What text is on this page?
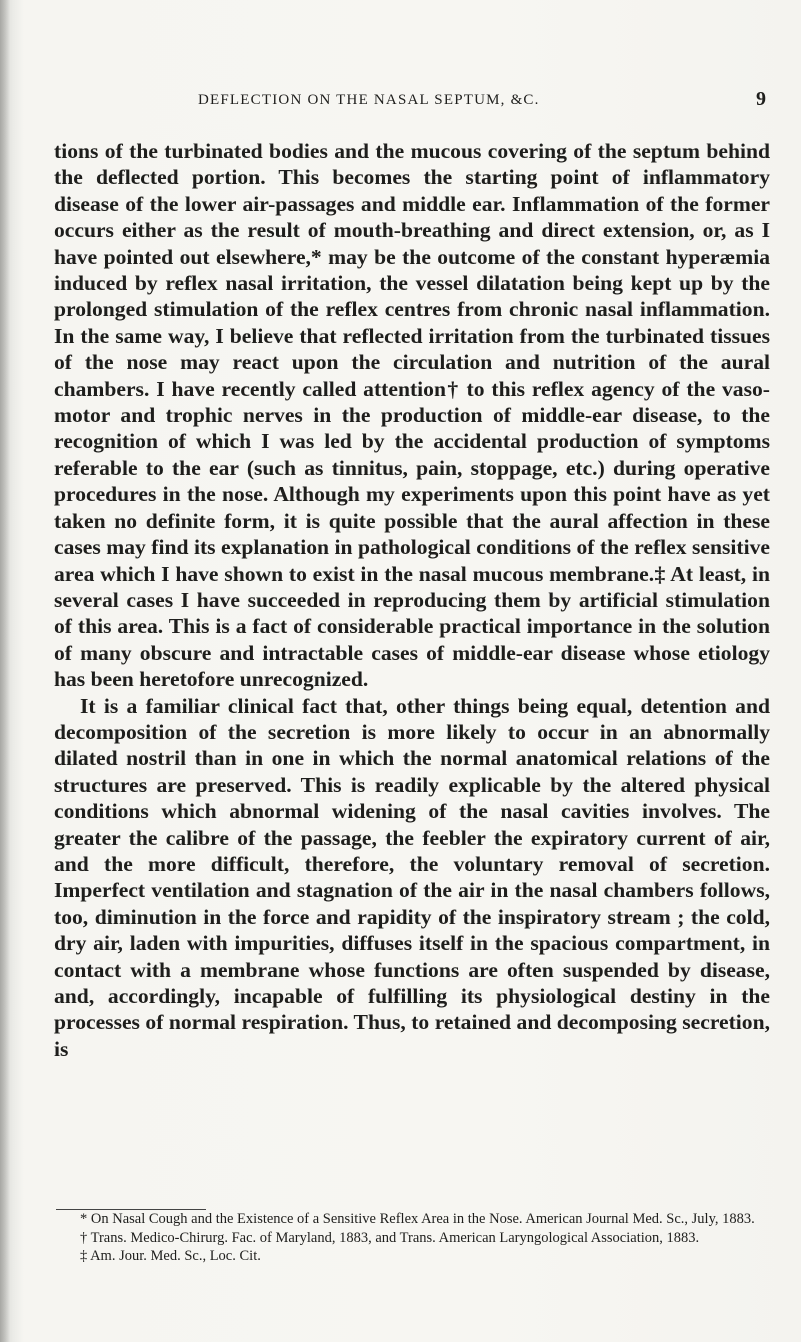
DEFLECTION ON THE NASAL SEPTUM, &C.	9

tions of the turbinated bodies and the mucous covering of the septum behind the deflected portion. This becomes the starting point of inflammatory disease of the lower air-passages and middle ear. Inflammation of the former occurs either as the result of mouth-breathing and direct extension, or, as I have pointed out elsewhere,* may be the outcome of the constant hyperæmia induced by reflex nasal irritation, the vessel dilatation being kept up by the prolonged stimulation of the reflex centres from chronic nasal inflammation. In the same way, I believe that reflected irritation from the turbinated tissues of the nose may react upon the circulation and nutrition of the aural chambers. I have recently called attention† to this reflex agency of the vaso-motor and trophic nerves in the production of middle-ear disease, to the recognition of which I was led by the accidental production of symptoms referable to the ear (such as tinnitus, pain, stoppage, etc.) during operative procedures in the nose. Although my experiments upon this point have as yet taken no definite form, it is quite possible that the aural affection in these cases may find its explanation in pathological conditions of the reflex sensitive area which I have shown to exist in the nasal mucous membrane.‡ At least, in several cases I have succeeded in reproducing them by artificial stimulation of this area. This is a fact of considerable practical importance in the solution of many obscure and intractable cases of middle-ear disease whose etiology has been heretofore unrecognized.

It is a familiar clinical fact that, other things being equal, detention and decomposition of the secretion is more likely to occur in an abnormally dilated nostril than in one in which the normal anatomical relations of the structures are preserved. This is readily explicable by the altered physical conditions which abnormal widening of the nasal cavities involves. The greater the calibre of the passage, the feebler the expiratory current of air, and the more difficult, therefore, the voluntary removal of secretion. Imperfect ventilation and stagnation of the air in the nasal chambers follows, too, diminution in the force and rapidity of the inspiratory stream ; the cold, dry air, laden with impurities, diffuses itself in the spacious compartment, in contact with a membrane whose functions are often suspended by disease, and, accordingly, incapable of fulfilling its physiological destiny in the processes of normal respiration. Thus, to retained and decomposing secretion, is

* On Nasal Cough and the Existence of a Sensitive Reflex Area in the Nose. American Journal Med. Sc., July, 1883.

† Trans. Medico-Chirurg. Fac. of Maryland, 1883, and Trans. American Laryngological Association, 1883.

‡ Am. Jour. Med. Sc., Loc. Cit.
